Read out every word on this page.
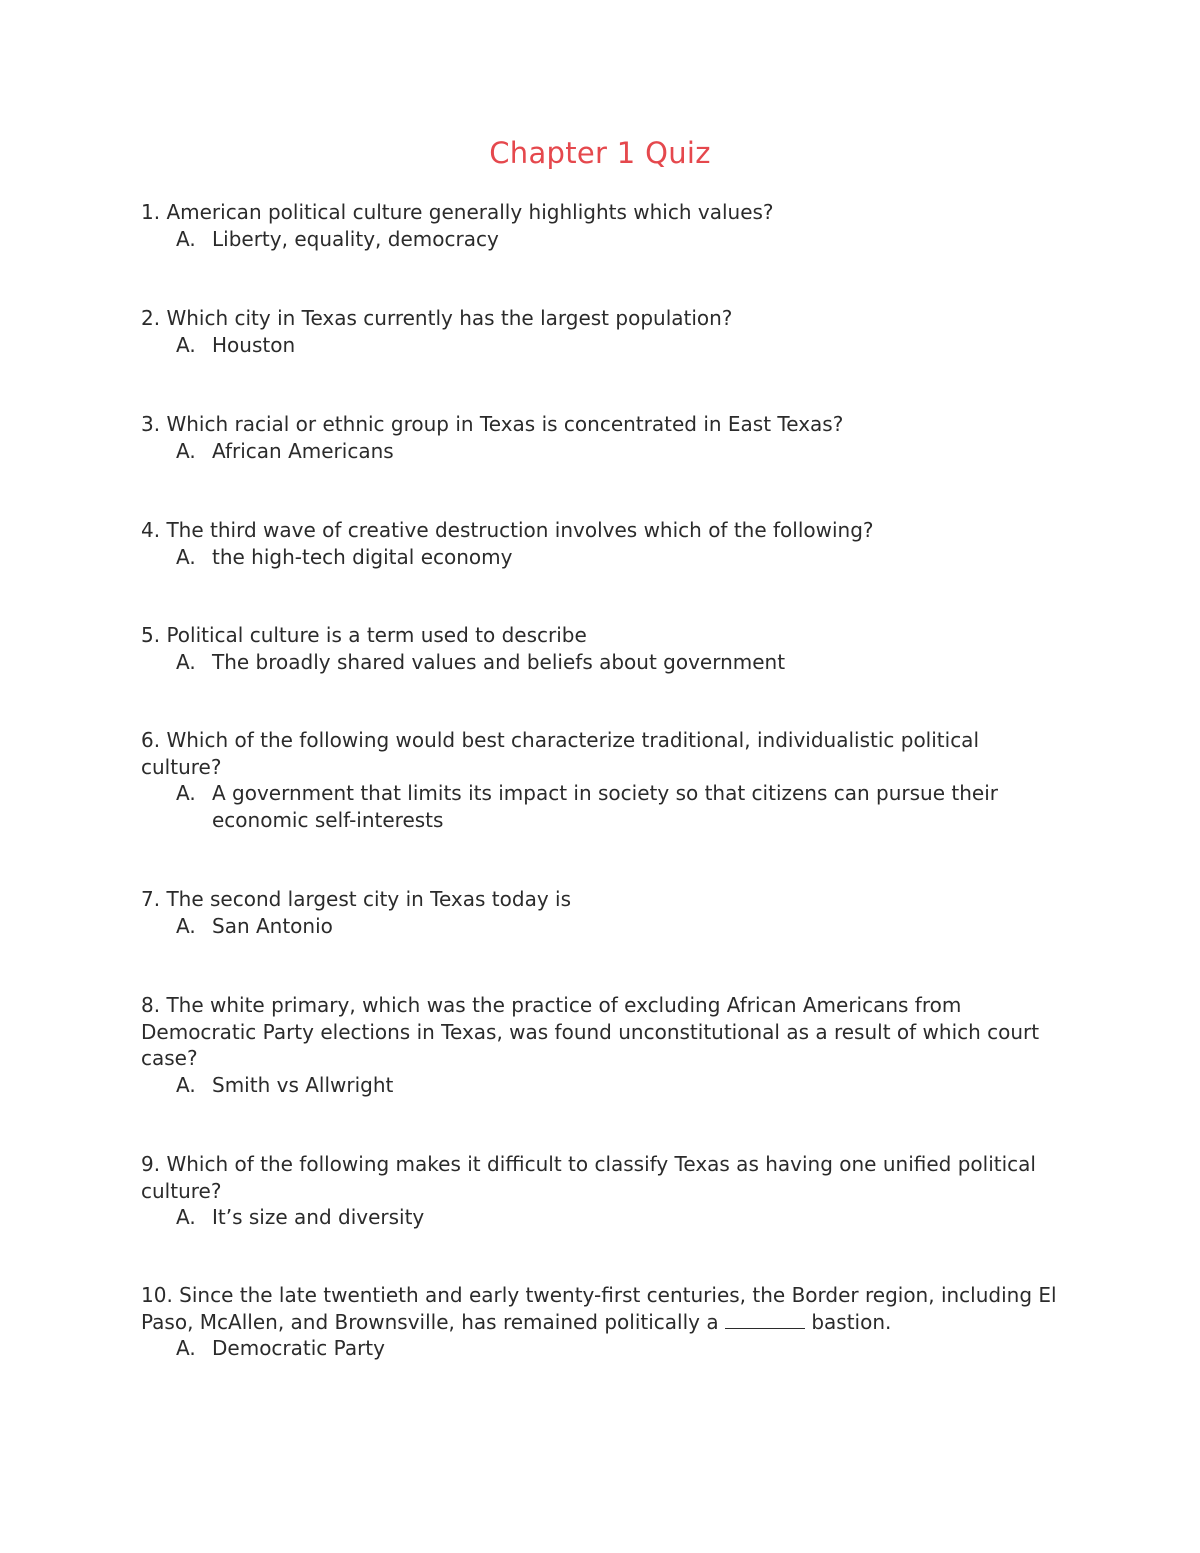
Chapter 1 Quiz
1. American political culture generally highlights which values?
A. Liberty, equality, democracy
2. Which city in Texas currently has the largest population?
A. Houston
3. Which racial or ethnic group in Texas is concentrated in East Texas?
A. African Americans
4. The third wave of creative destruction involves which of the following?
A. the high-tech digital economy
5. Political culture is a term used to describe
A. The broadly shared values and beliefs about government
6. Which of the following would best characterize traditional, individualistic political culture?
A. A government that limits its impact in society so that citizens can pursue their economic self-interests
7. The second largest city in Texas today is
A. San Antonio
8. The white primary, which was the practice of excluding African Americans from Democratic Party elections in Texas, was found unconstitutional as a result of which court case?
A. Smith vs Allwright
9. Which of the following makes it difficult to classify Texas as having one unified political culture?
A. It’s size and diversity
10. Since the late twentieth and early twenty-first centuries, the Border region, including El Paso, McAllen, and Brownsville, has remained politically a	bastion.
A. Democratic Party
